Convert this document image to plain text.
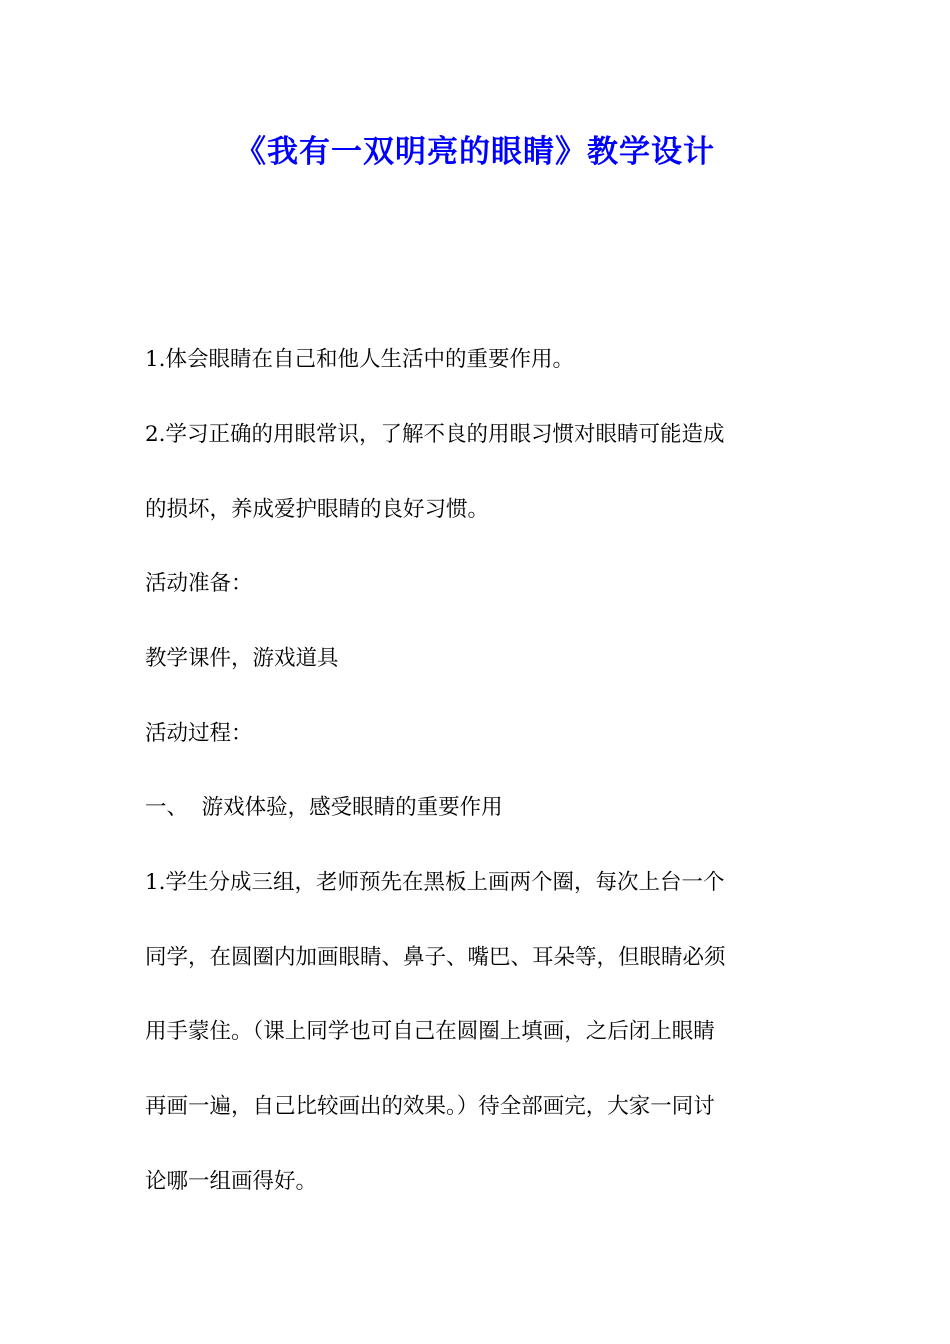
《我有一双明亮的眼睛》教学设计
1.体会眼睛在自己和他人生活中的重要作用。
2.学习正确的用眼常识，了解不良的用眼习惯对眼睛可能造成
的损坏，养成爱护眼睛的良好习惯。
活动准备：
教学课件，游戏道具
活动过程：
一、  游戏体验，感受眼睛的重要作用
1.学生分成三组，老师预先在黑板上画两个圈，每次上台一个
同学，在圆圈内加画眼睛、鼻子、嘴巴、耳朵等，但眼睛必须
用手蒙住。（课上同学也可自己在圆圈上填画，之后闭上眼睛
再画一遍，自己比较画出的效果。）待全部画完，大家一同讨
论哪一组画得好。
